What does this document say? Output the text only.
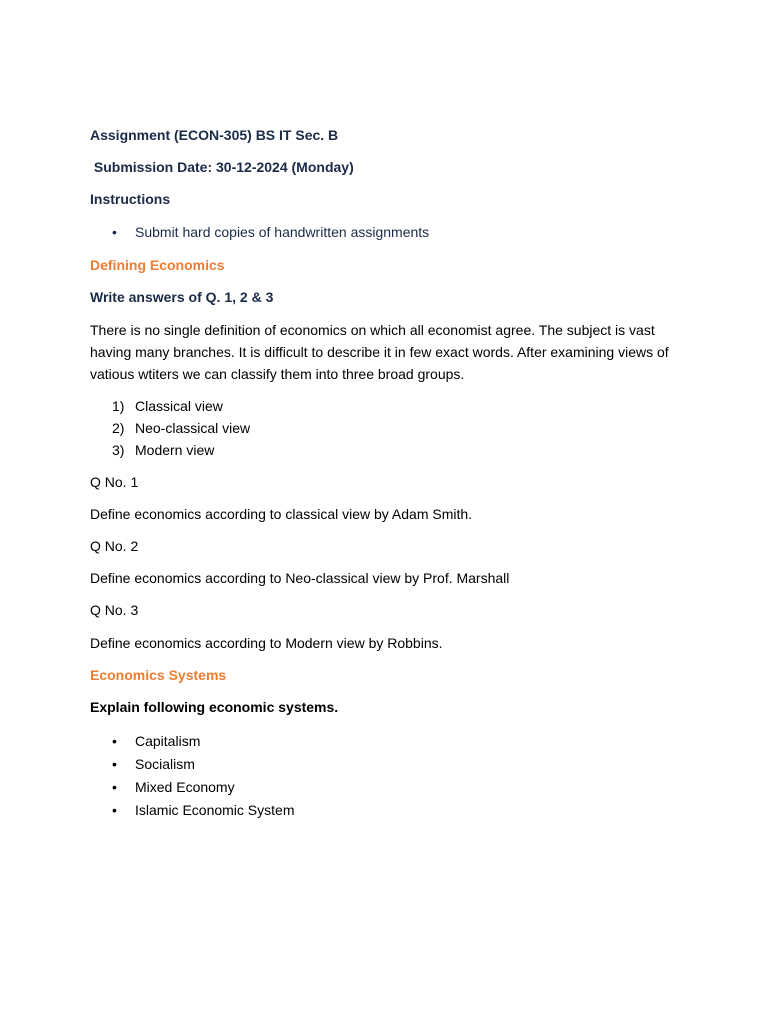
Assignment (ECON-305) BS IT Sec. B

Submission Date: 30-12-2024 (Monday)

Instructions

• Submit hard copies of handwritten assignments

Defining Economics

Write answers of Q. 1, 2 & 3

There is no single definition of economics on which all economist agree. The subject is vast having many branches. It is difficult to describe it in few exact words. After examining views of vatious wtiters we can classify them into three broad groups.

1) Classical view
2) Neo-classical view
3) Modern view

Q No. 1

Define economics according to classical view by Adam Smith.

Q No. 2

Define economics according to Neo-classical view by Prof. Marshall

Q No. 3

Define economics according to Modern view by Robbins.

Economics Systems

Explain following economic systems.

• Capitalism
• Socialism
• Mixed Economy
• Islamic Economic System
